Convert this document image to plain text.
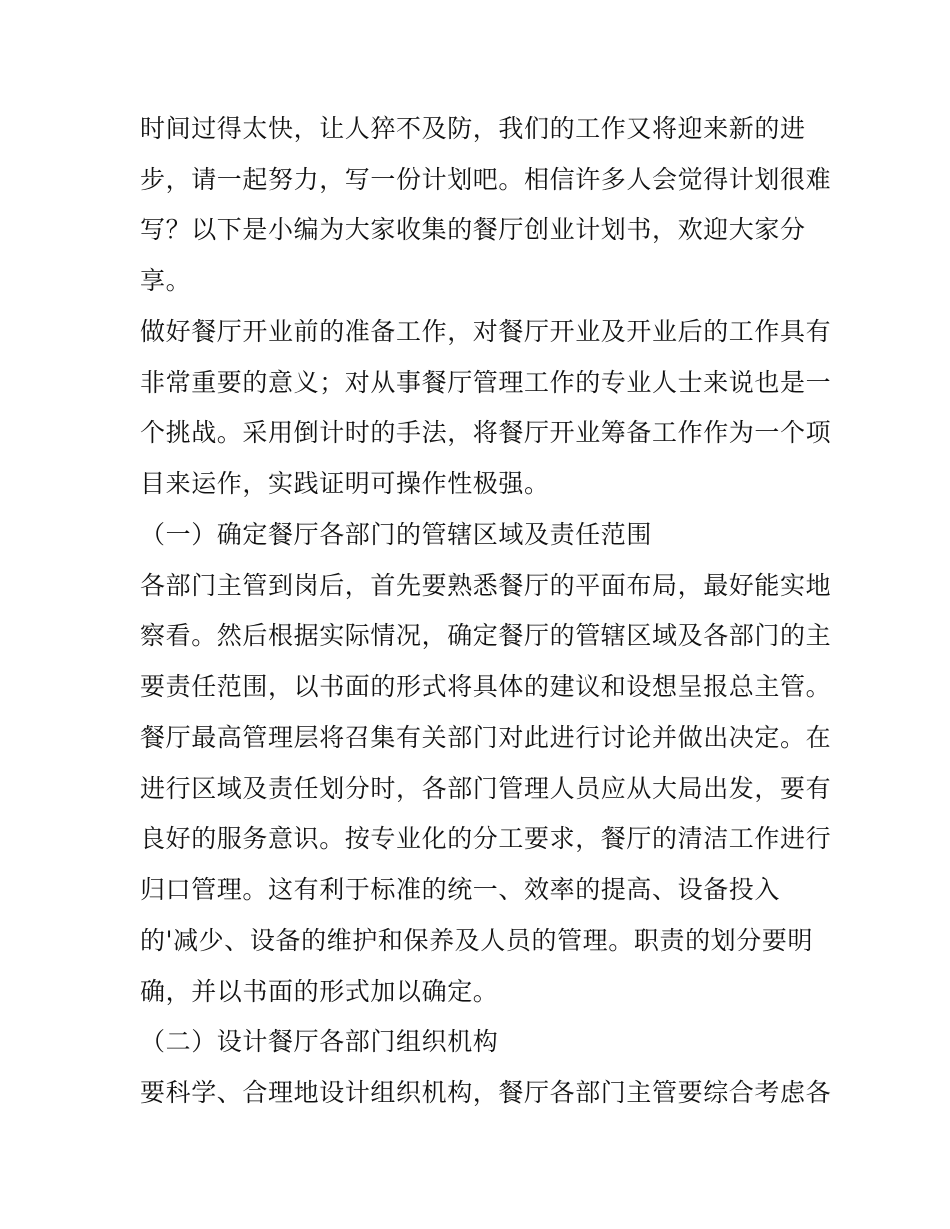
时间过得太快，让人猝不及防，我们的工作又将迎来新的进
步，请一起努力，写一份计划吧。相信许多人会觉得计划很难
写？以下是小编为大家收集的餐厅创业计划书，欢迎大家分
享。
做好餐厅开业前的准备工作，对餐厅开业及开业后的工作具有
非常重要的意义；对从事餐厅管理工作的专业人士来说也是一
个挑战。采用倒计时的手法，将餐厅开业筹备工作作为一个项
目来运作，实践证明可操作性极强。
（一）确定餐厅各部门的管辖区域及责任范围
各部门主管到岗后，首先要熟悉餐厅的平面布局，最好能实地
察看。然后根据实际情况，确定餐厅的管辖区域及各部门的主
要责任范围，以书面的形式将具体的建议和设想呈报总主管。
餐厅最高管理层将召集有关部门对此进行讨论并做出决定。在
进行区域及责任划分时，各部门管理人员应从大局出发，要有
良好的服务意识。按专业化的分工要求，餐厅的清洁工作进行
归口管理。这有利于标准的统一、效率的提高、设备投入
的'减少、设备的维护和保养及人员的管理。职责的划分要明
确，并以书面的形式加以确定。
（二）设计餐厅各部门组织机构
要科学、合理地设计组织机构，餐厅各部门主管要综合考虑各
